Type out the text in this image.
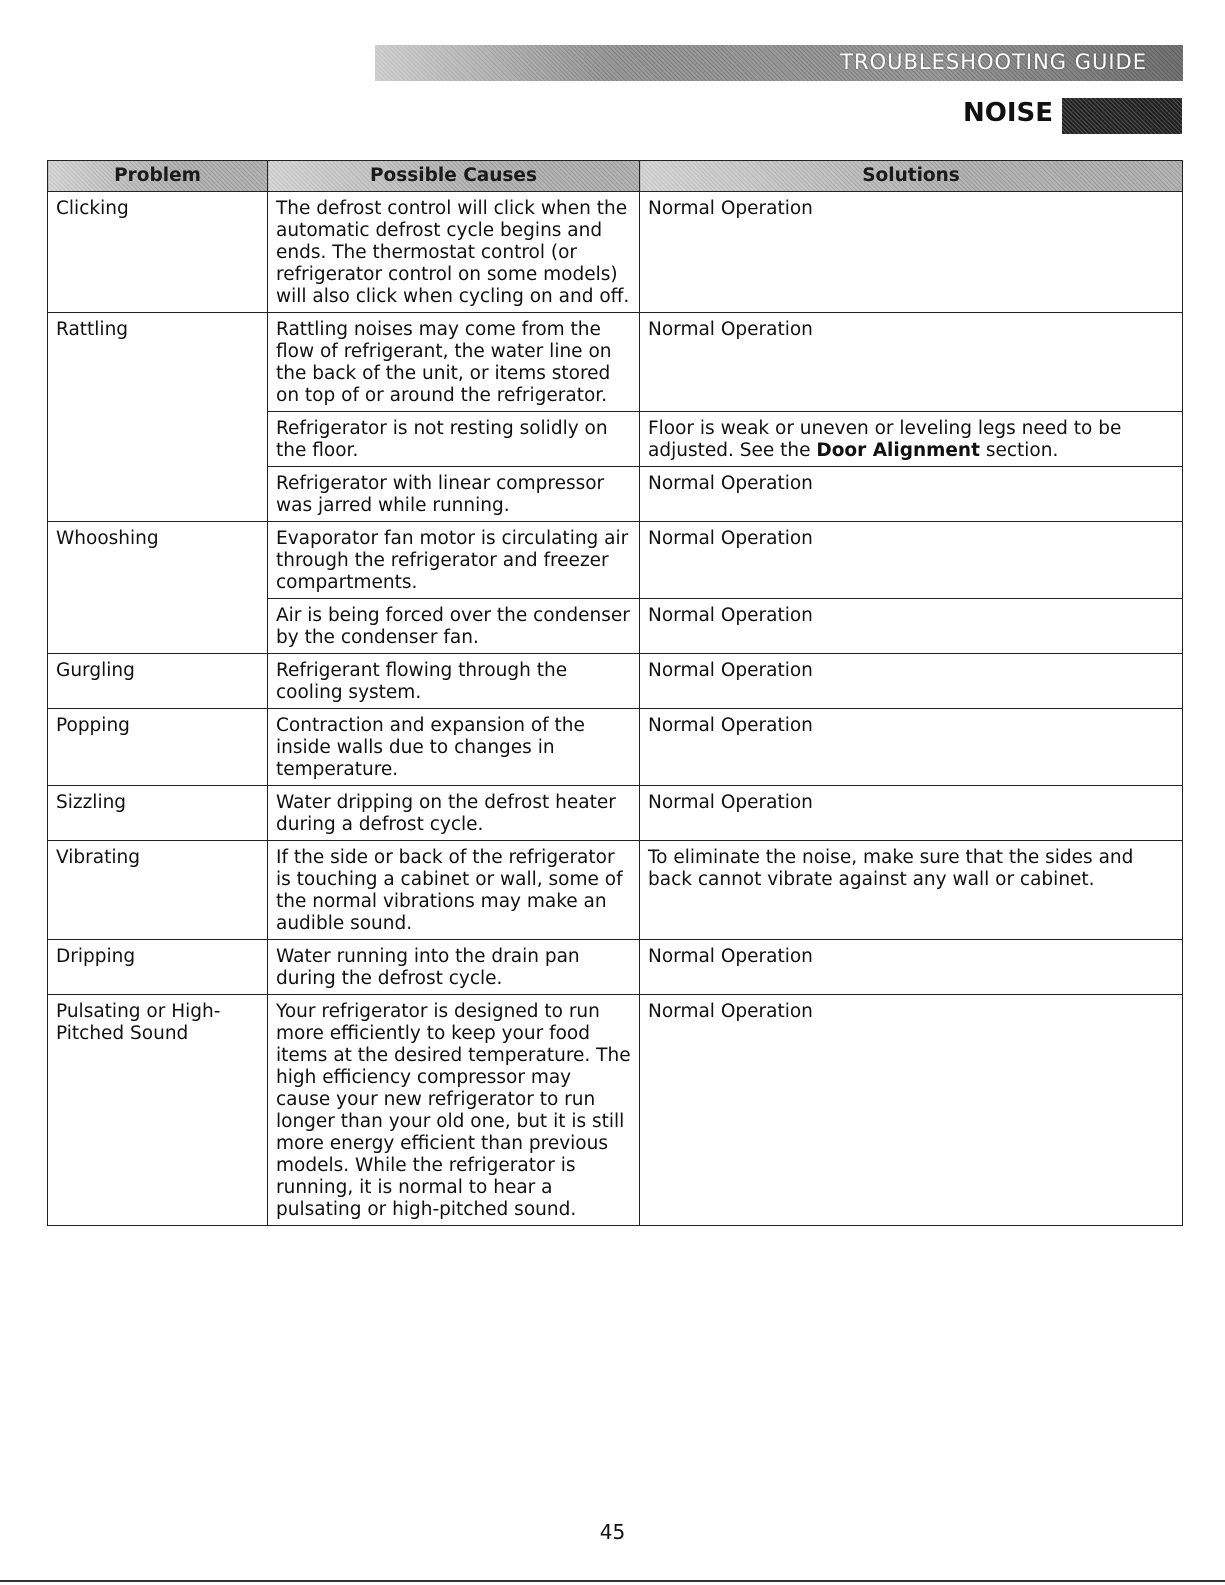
TROUBLESHOOTING GUIDE
NOISE
Problem	Possible Causes	Solutions
Clicking	The defrost control will click when the automatic defrost cycle begins and ends. The thermostat control (or refrigerator control on some models) will also click when cycling on and off.	Normal Operation
Rattling	Rattling noises may come from the flow of refrigerant, the water line on the back of the unit, or items stored on top of or around the refrigerator.	Normal Operation
	Refrigerator is not resting solidly on the floor.	Floor is weak or uneven or leveling legs need to be adjusted. See the Door Alignment section.
	Refrigerator with linear compressor was jarred while running.	Normal Operation
Whooshing	Evaporator fan motor is circulating air through the refrigerator and freezer compartments.	Normal Operation
	Air is being forced over the condenser by the condenser fan.	Normal Operation
Gurgling	Refrigerant flowing through the cooling system.	Normal Operation
Popping	Contraction and expansion of the inside walls due to changes in temperature.	Normal Operation
Sizzling	Water dripping on the defrost heater during a defrost cycle.	Normal Operation
Vibrating	If the side or back of the refrigerator is touching a cabinet or wall, some of the normal vibrations may make an audible sound.	To eliminate the noise, make sure that the sides and back cannot vibrate against any wall or cabinet.
Dripping	Water running into the drain pan during the defrost cycle.	Normal Operation
Pulsating or High-Pitched Sound	Your refrigerator is designed to run more efficiently to keep your food items at the desired temperature. The high efficiency compressor may cause your new refrigerator to run longer than your old one, but it is still more energy efficient than previous models. While the refrigerator is running, it is normal to hear a pulsating or high-pitched sound.	Normal Operation
45
